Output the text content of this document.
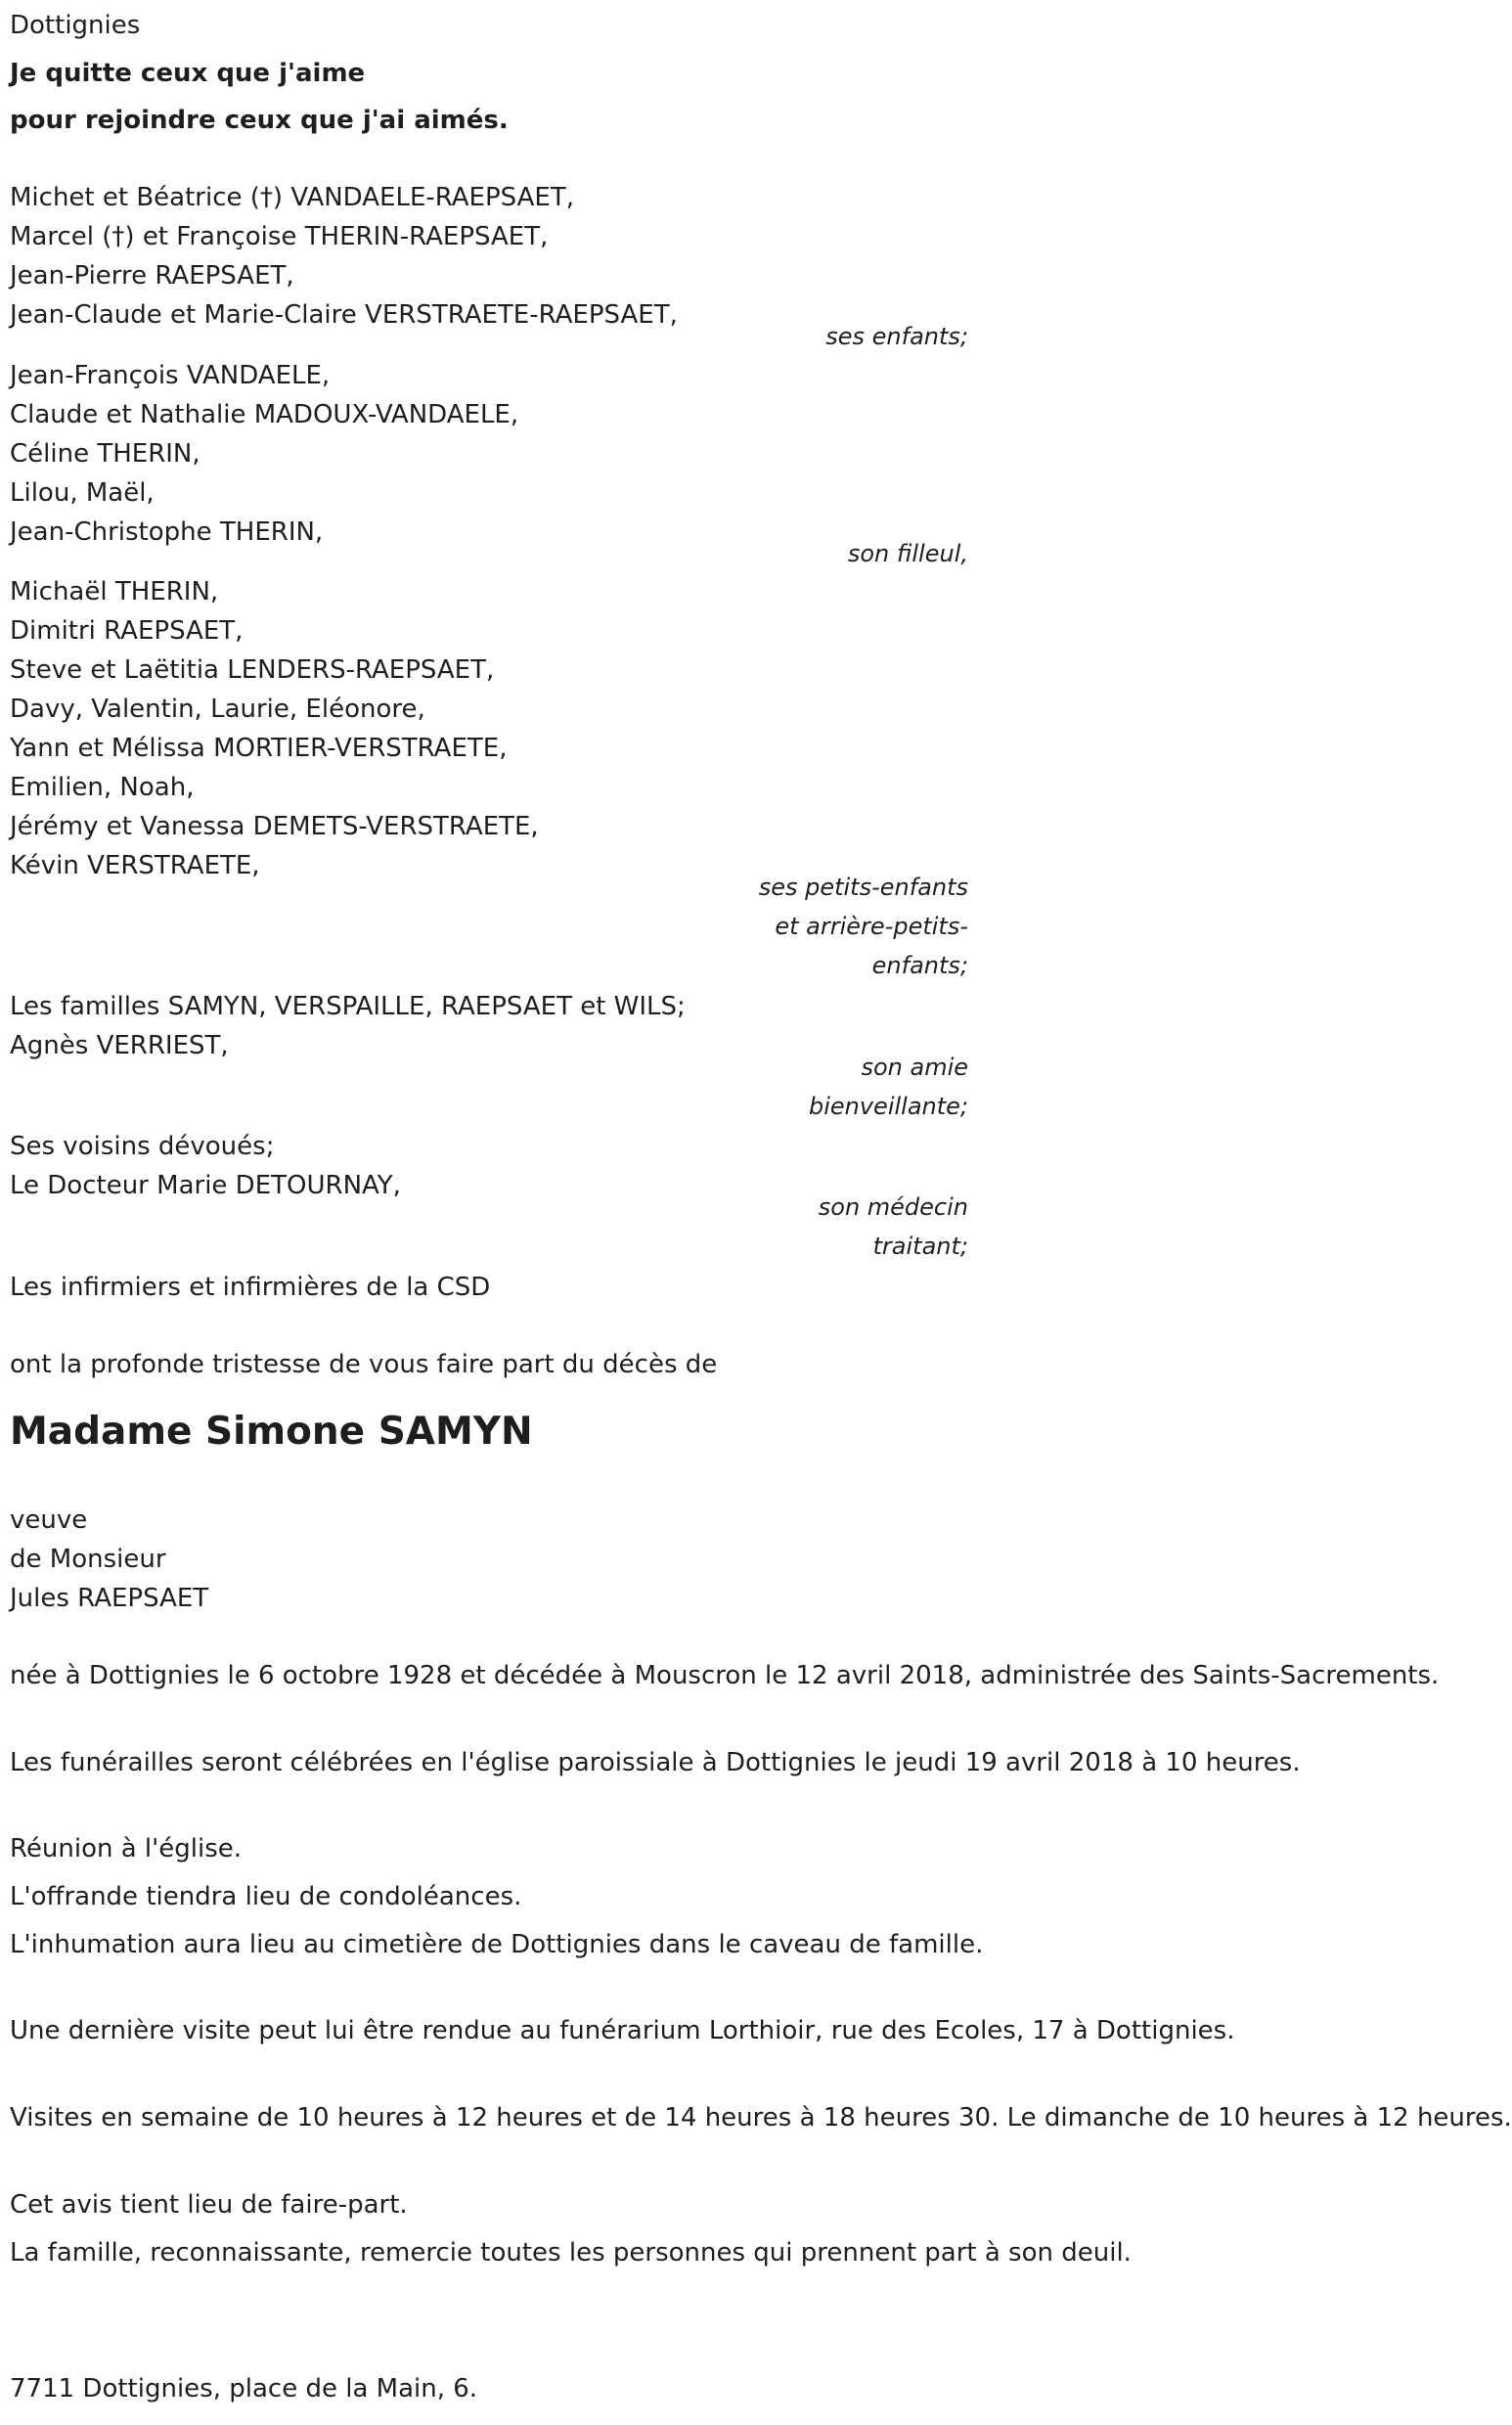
Dottignies

Je quitte ceux que j'aime

pour rejoindre ceux que j'ai aimés.

Michet et Béatrice (†) VANDAELE-RAEPSAET,

Marcel (†) et Françoise THERIN-RAEPSAET,

Jean-Pierre RAEPSAET,

Jean-Claude et Marie-Claire VERSTRAETE-RAEPSAET,

ses enfants;

Jean-François VANDAELE,

Claude et Nathalie MADOUX-VANDAELE,

Céline THERIN,

Lilou, Maël,

Jean-Christophe THERIN,

son filleul,

Michaël THERIN,

Dimitri RAEPSAET,

Steve et Laëtitia LENDERS-RAEPSAET,

Davy, Valentin, Laurie, Eléonore,

Yann et Mélissa MORTIER-VERSTRAETE,

Emilien, Noah,

Jérémy et Vanessa DEMETS-VERSTRAETE,

Kévin VERSTRAETE,

ses petits-enfants

et arrière-petits-

enfants;

Les familles SAMYN, VERSPAILLE, RAEPSAET et WILS;

Agnès VERRIEST,

son amie

bienveillante;

Ses voisins dévoués;

Le Docteur Marie DETOURNAY,

son médecin

traitant;

Les infirmiers et infirmières de la CSD

ont la profonde tristesse de vous faire part du décès de

Madame Simone SAMYN

veuve

de Monsieur

Jules RAEPSAET

née à Dottignies le 6 octobre 1928 et décédée à Mouscron le 12 avril 2018, administrée des Saints-Sacrements.

Les funérailles seront célébrées en l'église paroissiale à Dottignies le jeudi 19 avril 2018 à 10 heures.

Réunion à l'église.

L'offrande tiendra lieu de condoléances.

L'inhumation aura lieu au cimetière de Dottignies dans le caveau de famille.

Une dernière visite peut lui être rendue au funérarium Lorthioir, rue des Ecoles, 17 à Dottignies.

Visites en semaine de 10 heures à 12 heures et de 14 heures à 18 heures 30. Le dimanche de 10 heures à 12 heures.

Cet avis tient lieu de faire-part.

La famille, reconnaissante, remercie toutes les personnes qui prennent part à son deuil.

7711 Dottignies, place de la Main, 6.
